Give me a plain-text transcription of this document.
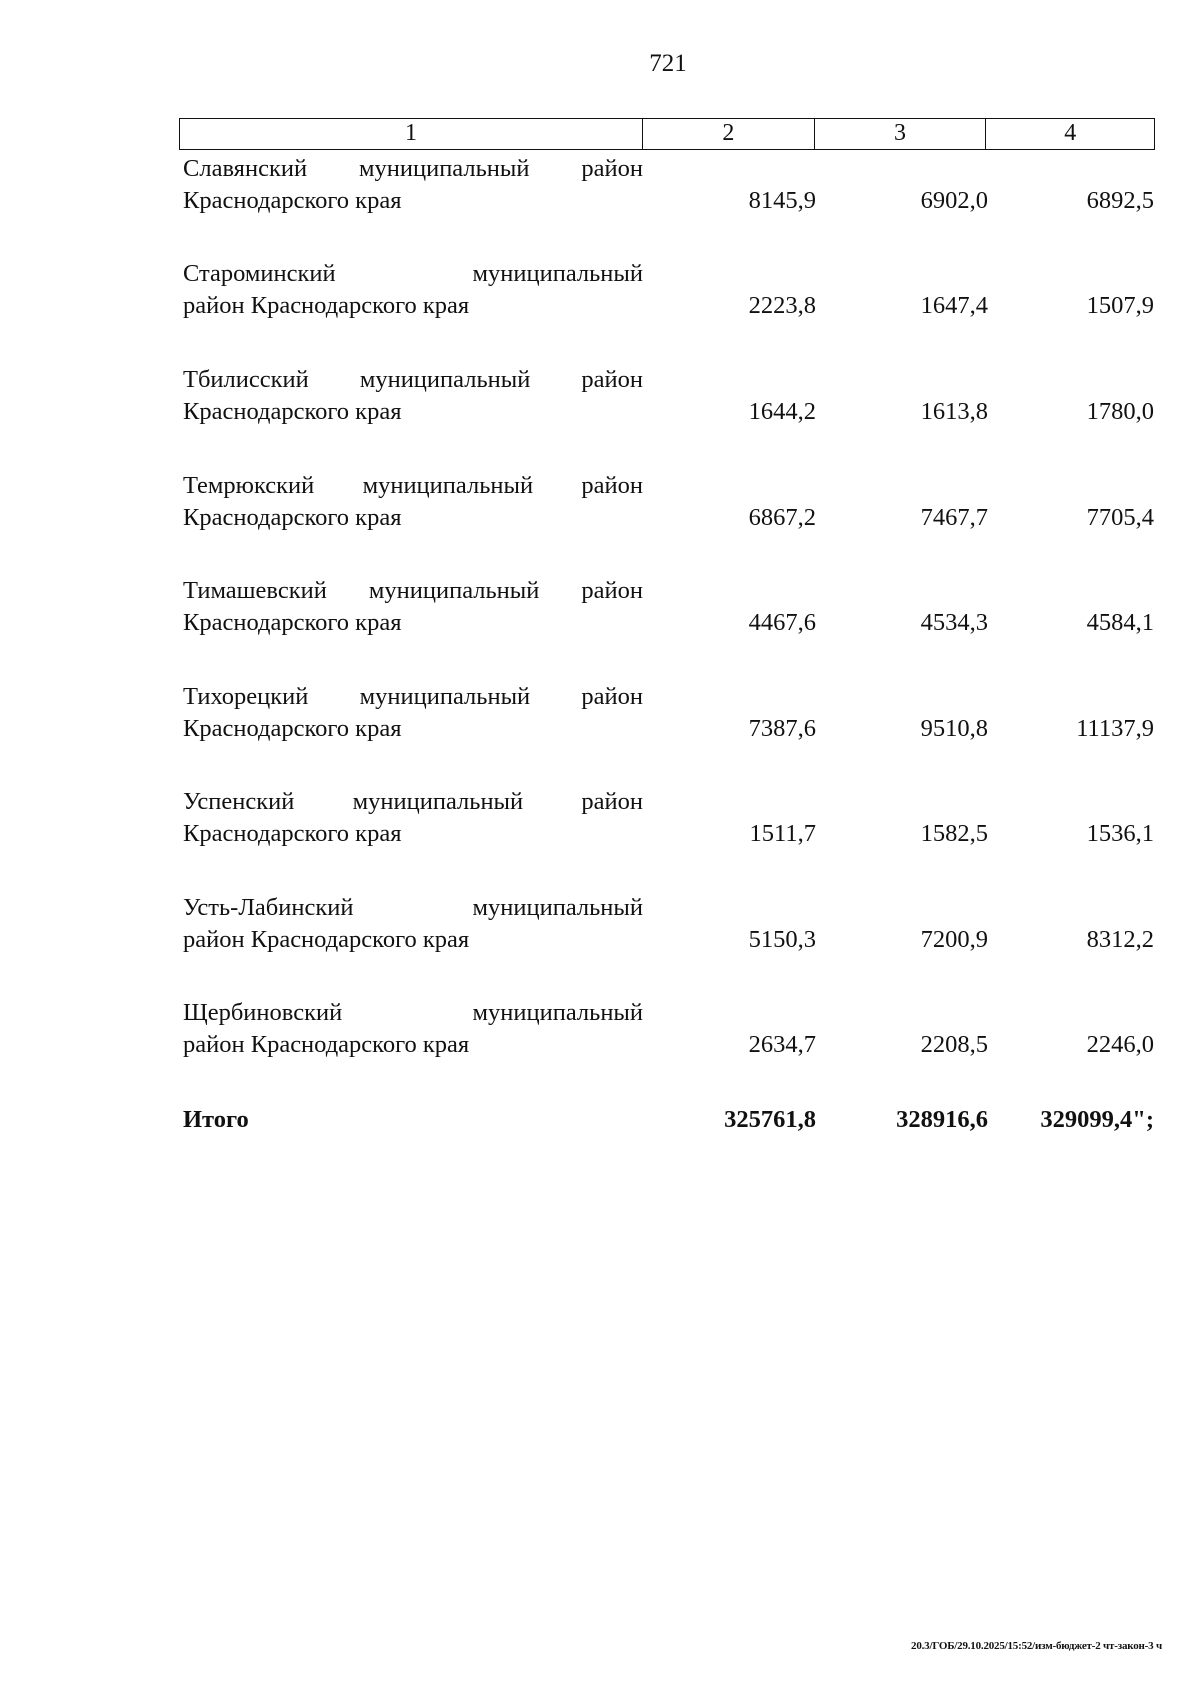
721
1	2	3	4
Славянский муниципальный район
Краснодарского края	8145,9	6902,0	6892,5
Староминский муниципальный
район Краснодарского края	2223,8	1647,4	1507,9
Тбилисский муниципальный район
Краснодарского края	1644,2	1613,8	1780,0
Темрюкский муниципальный район
Краснодарского края	6867,2	7467,7	7705,4
Тимашевский муниципальный район
Краснодарского края	4467,6	4534,3	4584,1
Тихорецкий муниципальный район
Краснодарского края	7387,6	9510,8	11137,9
Успенский муниципальный район
Краснодарского края	1511,7	1582,5	1536,1
Усть-Лабинский муниципальный
район Краснодарского края	5150,3	7200,9	8312,2
Щербиновский муниципальный
район Краснодарского края	2634,7	2208,5	2246,0
Итого	325761,8	328916,6	329099,4";
20.3/ГОБ/29.10.2025/15:52/изм-бюджет-2 чт-закон-3 ч
